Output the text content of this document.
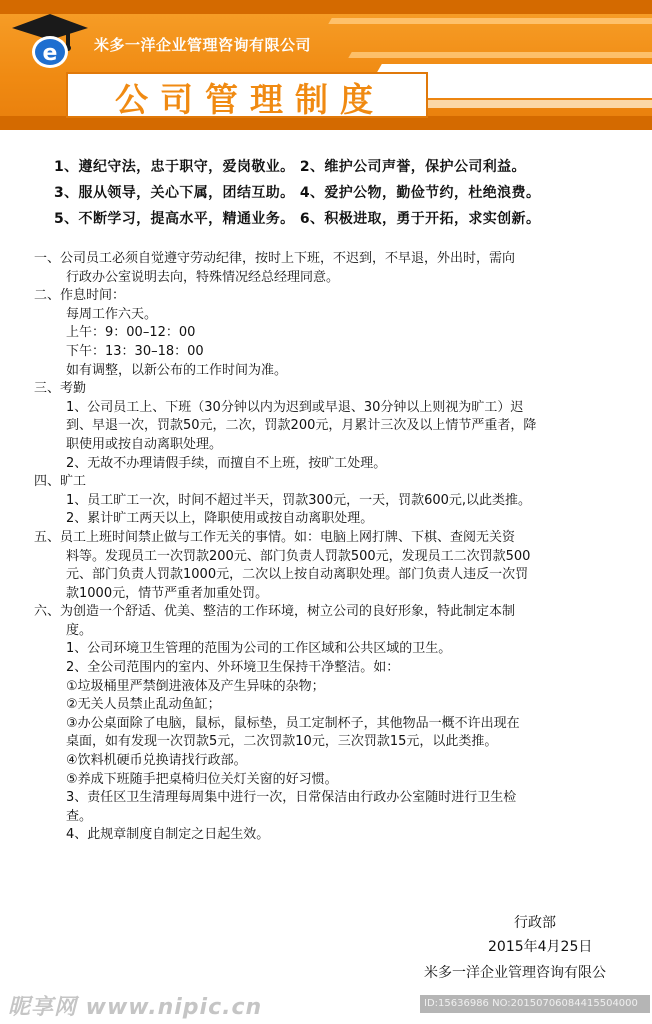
e 米多一洋企业管理咨询有限公司
公司管理制度
1、遵纪守法，忠于职守，爱岗敬业。 2、维护公司声誉，保护公司利益。
3、服从领导，关心下属，团结互助。 4、爱护公物，勤俭节约，杜绝浪费。
5、不断学习，提高水平，精通业务。 6、积极进取，勇于开拓，求实创新。
一、公司员工必须自觉遵守劳动纪律，按时上下班，不迟到，不早退，外出时，需向
行政办公室说明去向，特殊情况经总经理同意。
二、作息时间：
每周工作六天。
上午：9：00–12：00
下午：13：30–18：00
如有调整，以新公布的工作时间为准。
三、考勤
1、公司员工上、下班（30分钟以内为迟到或早退、30分钟以上则视为旷工）迟
到、早退一次，罚款50元，二次，罚款200元，月累计三次及以上情节严重者，降
职使用或按自动离职处理。
2、无故不办理请假手续，而擅自不上班，按旷工处理。
四、旷工
1、员工旷工一次，时间不超过半天，罚款300元，一天，罚款600元,以此类推。
2、累计旷工两天以上，降职使用或按自动离职处理。
五、员工上班时间禁止做与工作无关的事情。如：电脑上网打牌、下棋、查阅无关资
料等。发现员工一次罚款200元、部门负责人罚款500元，发现员工二次罚款500
元、部门负责人罚款1000元，二次以上按自动离职处理。部门负责人违反一次罚
款1000元，情节严重者加重处罚。
六、为创造一个舒适、优美、整洁的工作环境，树立公司的良好形象，特此制定本制
度。
1、公司环境卫生管理的范围为公司的工作区域和公共区域的卫生。
2、全公司范围内的室内、外环境卫生保持干净整洁。如：
①垃圾桶里严禁倒进液体及产生异味的杂物；
②无关人员禁止乱动鱼缸；
③办公桌面除了电脑，鼠标，鼠标垫，员工定制杯子，其他物品一概不许出现在
桌面，如有发现一次罚款5元，二次罚款10元，三次罚款15元，以此类推。
④饮料机硬币兑换请找行政部。
⑤养成下班随手把桌椅归位关灯关窗的好习惯。
3、责任区卫生清理每周集中进行一次，日常保洁由行政办公室随时进行卫生检
查。
4、此规章制度自制定之日起生效。
行政部
2015年4月25日
米多一洋企业管理咨询有限公
昵享网 www.nipic.cn	ID:15636986 NO:20150706084415504000
